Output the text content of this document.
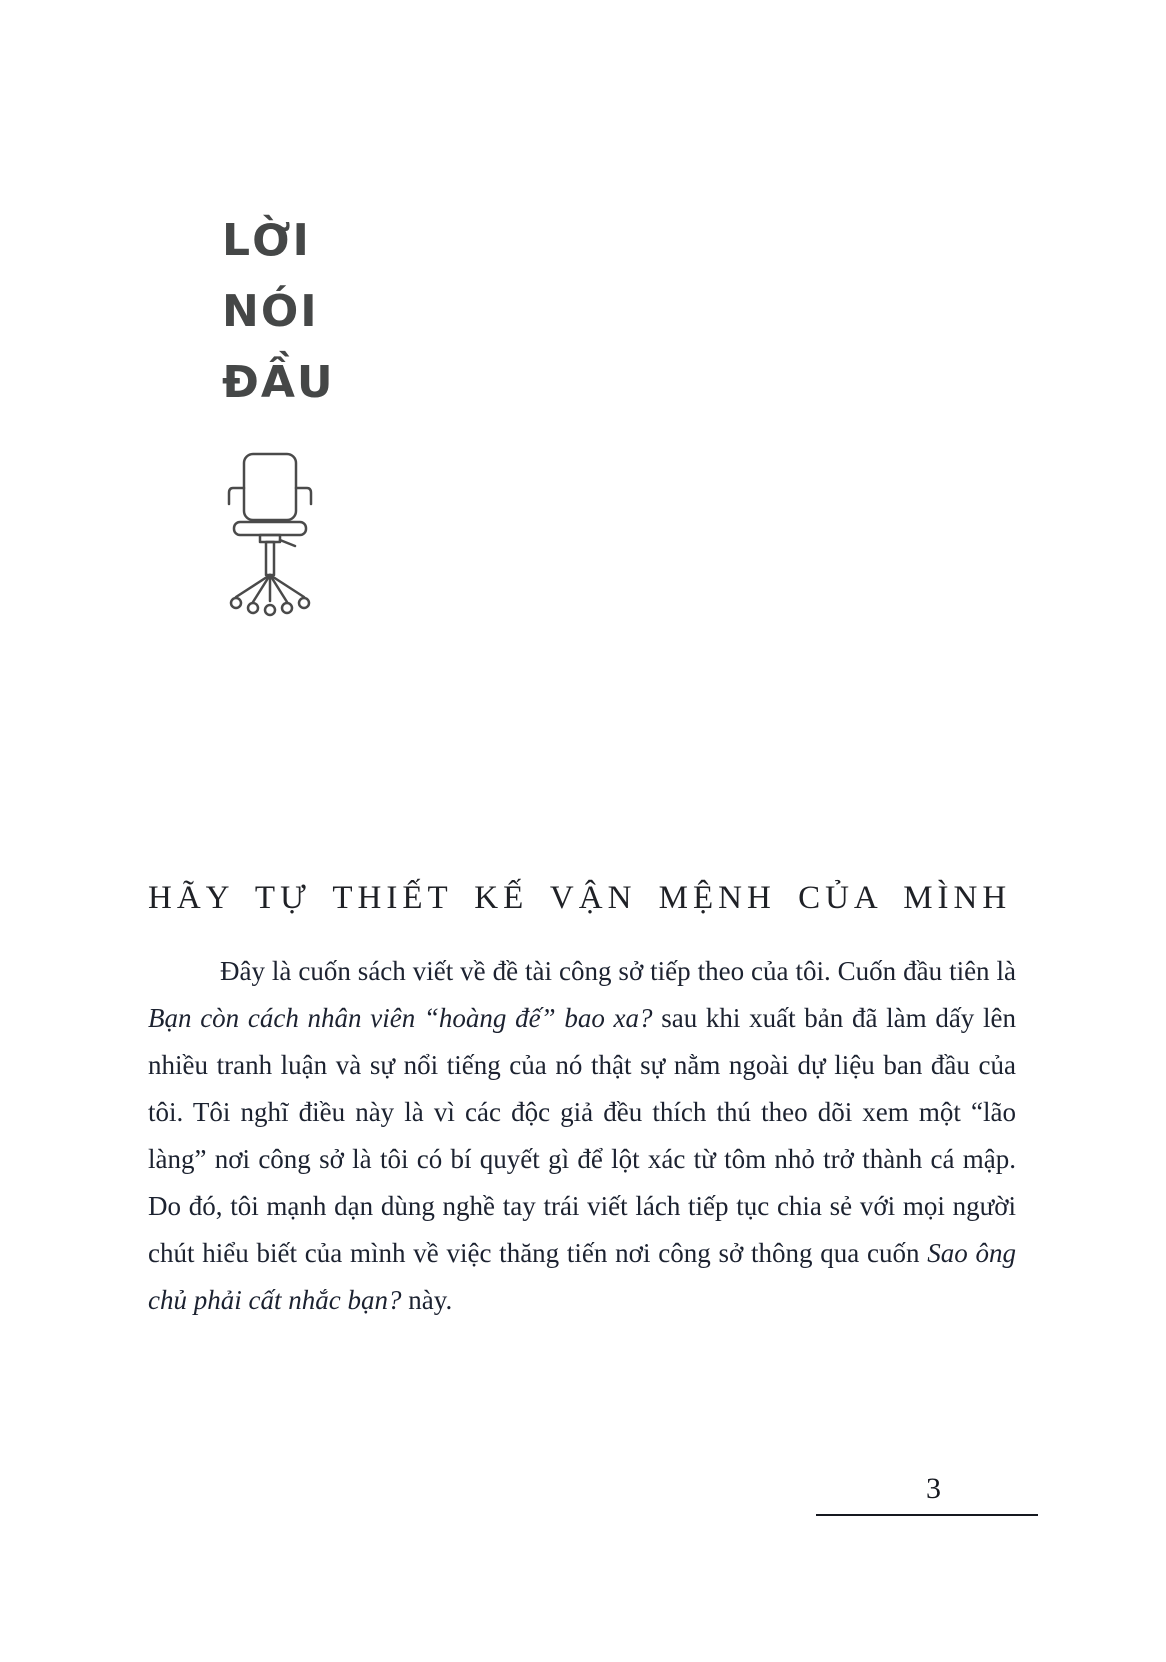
LỜI
NÓI
ĐẦU
HÃY TỰ THIẾT KẾ VẬN MỆNH CỦA MÌNH

Đây là cuốn sách viết về đề tài công sở tiếp theo của tôi. Cuốn đầu tiên là Bạn còn cách nhân viên “hoàng đế” bao xa? sau khi xuất bản đã làm dấy lên nhiều tranh luận và sự nổi tiếng của nó thật sự nằm ngoài dự liệu ban đầu của tôi. Tôi nghĩ điều này là vì các độc giả đều thích thú theo dõi xem một “lão làng” nơi công sở là tôi có bí quyết gì để lột xác từ tôm nhỏ trở thành cá mập. Do đó, tôi mạnh dạn dùng nghề tay trái viết lách tiếp tục chia sẻ với mọi người chút hiểu biết của mình về việc thăng tiến nơi công sở thông qua cuốn Sao ông chủ phải cất nhắc bạn? này.

3
